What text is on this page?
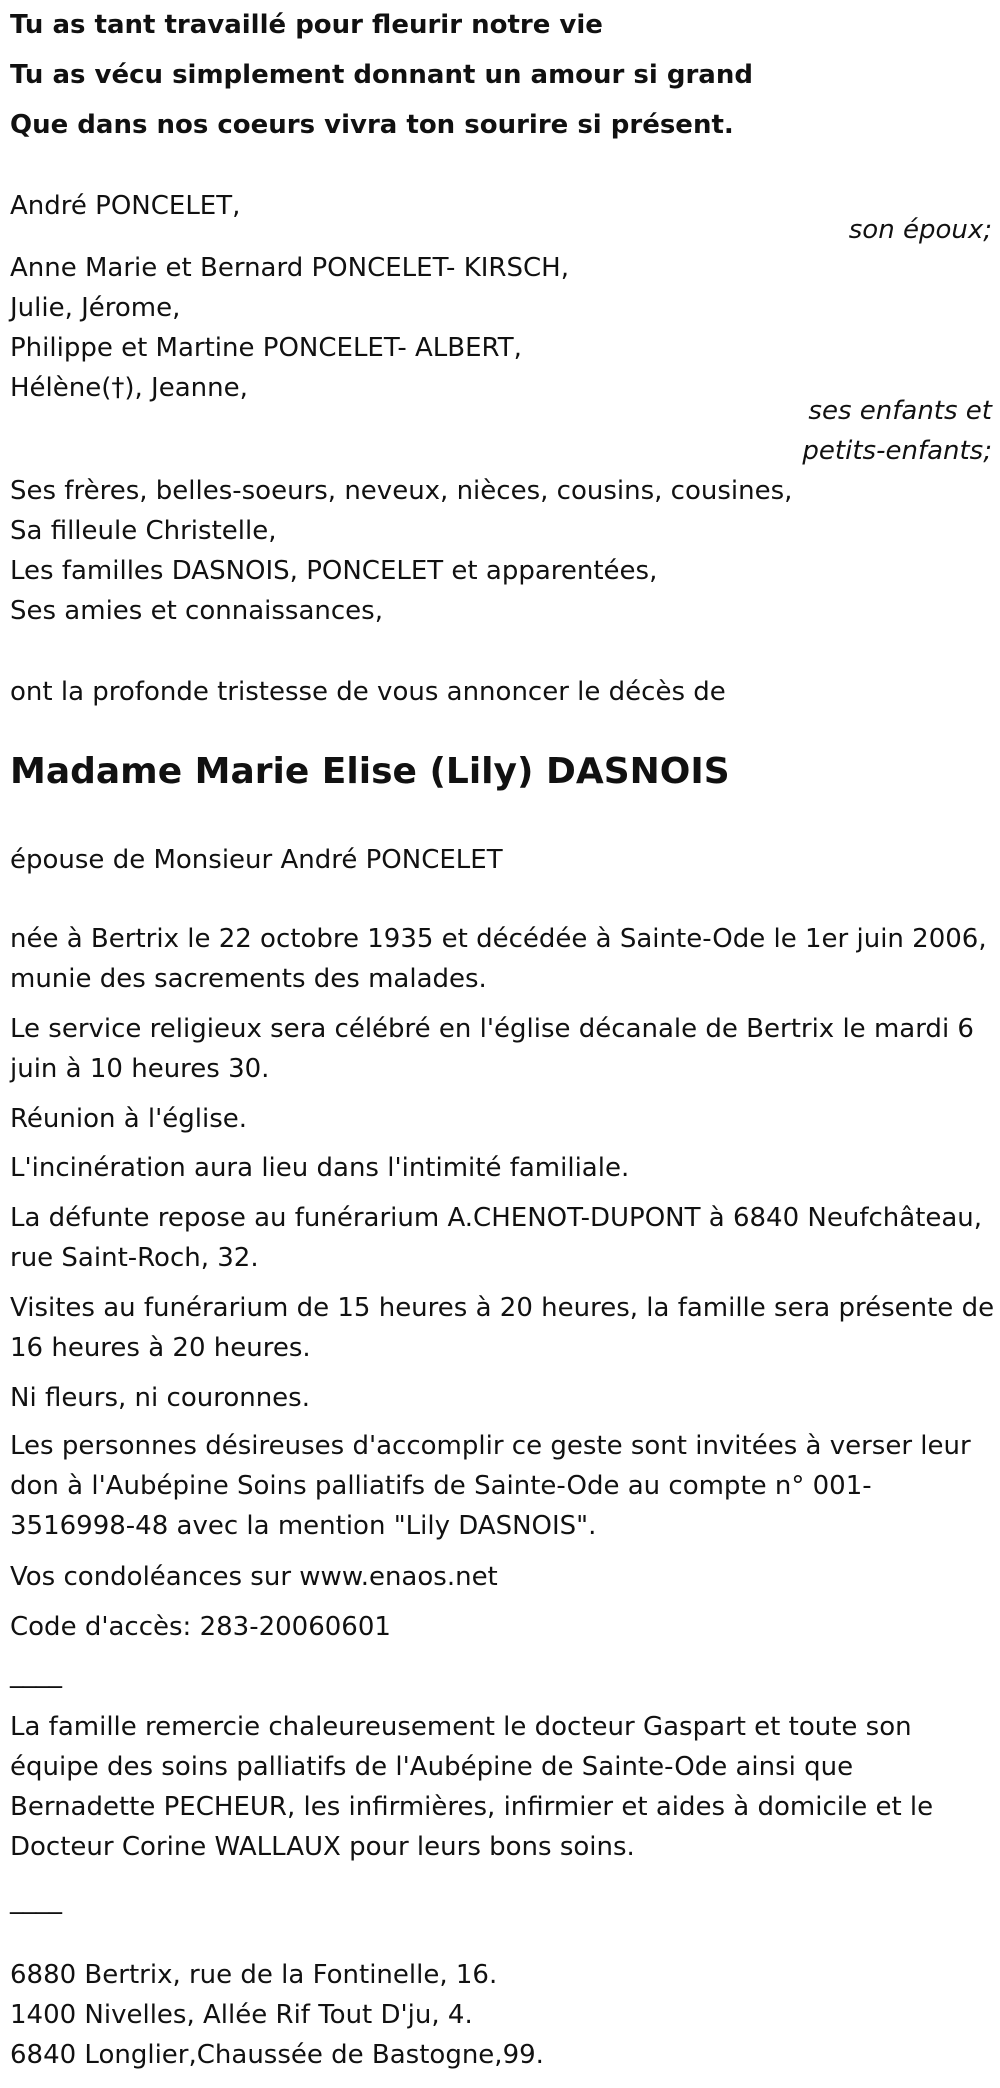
Tu as tant travaillé pour fleurir notre vie
Tu as vécu simplement donnant un amour si grand
Que dans nos coeurs vivra ton sourire si présent.
André PONCELET,
son époux;
Anne Marie et Bernard PONCELET- KIRSCH,
Julie, Jérome,
Philippe et Martine PONCELET- ALBERT,
Hélène(†), Jeanne,
ses enfants et
petits-enfants;
Ses frères, belles-soeurs, neveux, nièces, cousins, cousines,
Sa filleule Christelle,
Les familles DASNOIS, PONCELET et apparentées,
Ses amies et connaissances,
ont la profonde tristesse de vous annoncer le décès de
Madame Marie Elise (Lily) DASNOIS
épouse de Monsieur André PONCELET
née à Bertrix le 22 octobre 1935 et décédée à Sainte-Ode le 1er juin 2006, munie des sacrements des malades.
Le service religieux sera célébré en l'église décanale de Bertrix le mardi 6 juin à 10 heures 30.
Réunion à l'église.
L'incinération aura lieu dans l'intimité familiale.
La défunte repose au funérarium A.CHENOT-DUPONT à 6840 Neufchâteau, rue Saint-Roch, 32.
Visites au funérarium de 15 heures à 20 heures, la famille sera présente de 16 heures à 20 heures.
Ni fleurs, ni couronnes.
Les personnes désireuses d'accomplir ce geste sont invitées à verser leur don à l'Aubépine Soins palliatifs de Sainte-Ode au compte n° 001-3516998-48 avec la mention "Lily DASNOIS".
Vos condoléances sur www.enaos.net
Code d'accès: 283-20060601
____
La famille remercie chaleureusement le docteur Gaspart et toute son équipe des soins palliatifs de l'Aubépine de Sainte-Ode ainsi que Bernadette PECHEUR, les infirmières, infirmier et aides à domicile et le Docteur Corine WALLAUX pour leurs bons soins.
____
6880 Bertrix, rue de la Fontinelle, 16.
1400 Nivelles, Allée Rif Tout D'ju, 4.
6840 Longlier,Chaussée de Bastogne,99.
